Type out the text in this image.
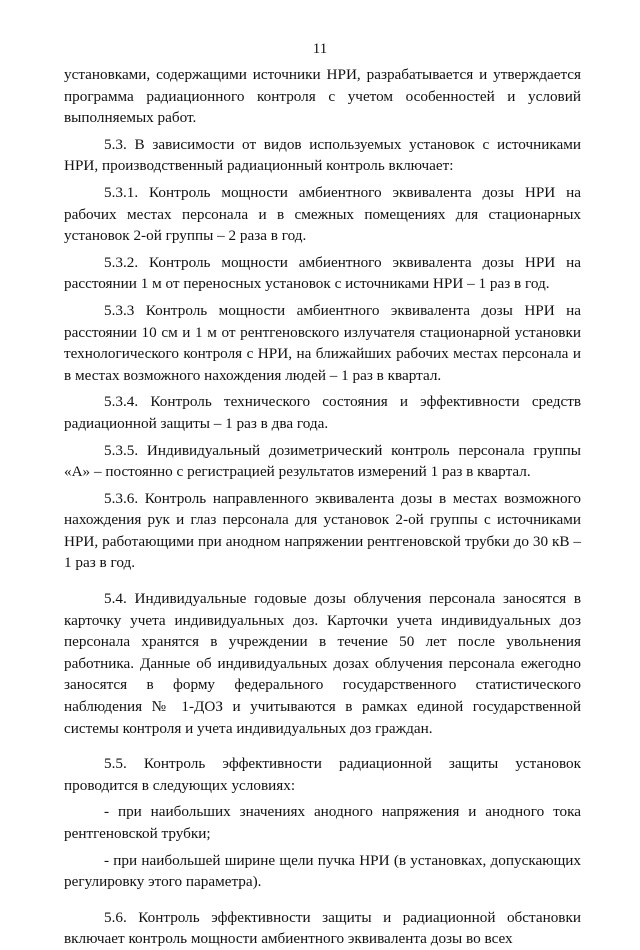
11

установками, содержащими источники НРИ, разрабатывается и утверждается программа радиационного контроля с учетом особенностей и условий выполняемых работ.

5.3. В зависимости от видов используемых установок с источниками НРИ, производственный радиационный контроль включает:

5.3.1. Контроль мощности амбиентного эквивалента дозы НРИ на рабочих местах персонала и в смежных помещениях для стационарных установок 2-ой группы – 2 раза в год.

5.3.2. Контроль мощности амбиентного эквивалента дозы НРИ на расстоянии 1 м от переносных установок с источниками НРИ – 1 раз в год.

5.3.3 Контроль мощности амбиентного эквивалента дозы НРИ на расстоянии 10 см и 1 м от рентгеновского излучателя стационарной установки технологического контроля с НРИ, на ближайших рабочих местах персонала и в местах возможного нахождения людей – 1 раз в квартал.

5.3.4. Контроль технического состояния и эффективности средств радиационной защиты – 1 раз в два года.

5.3.5. Индивидуальный дозиметрический контроль персонала группы «А» – постоянно с регистрацией результатов измерений 1 раз в квартал.

5.3.6. Контроль направленного эквивалента дозы в местах возможного нахождения рук и глаз персонала для установок 2-ой группы с источниками НРИ, работающими при анодном напряжении рентгеновской трубки до 30 кВ – 1 раз в год.

5.4. Индивидуальные годовые дозы облучения персонала заносятся в карточку учета индивидуальных доз. Карточки учета индивидуальных доз персонала хранятся в учреждении в течение 50 лет после увольнения работника. Данные об индивидуальных дозах облучения персонала ежегодно заносятся в форму федерального государственного статистического наблюдения № 1-ДОЗ и учитываются в рамках единой государственной системы контроля и учета индивидуальных доз граждан.

5.5. Контроль эффективности радиационной защиты установок проводится в следующих условиях:

- при наибольших значениях анодного напряжения и анодного тока рентгеновской трубки;

- при наибольшей ширине щели пучка НРИ (в установках, допускающих регулировку этого параметра).

5.6. Контроль эффективности защиты и радиационной обстановки включает контроль мощности амбиентного эквивалента дозы во всех
